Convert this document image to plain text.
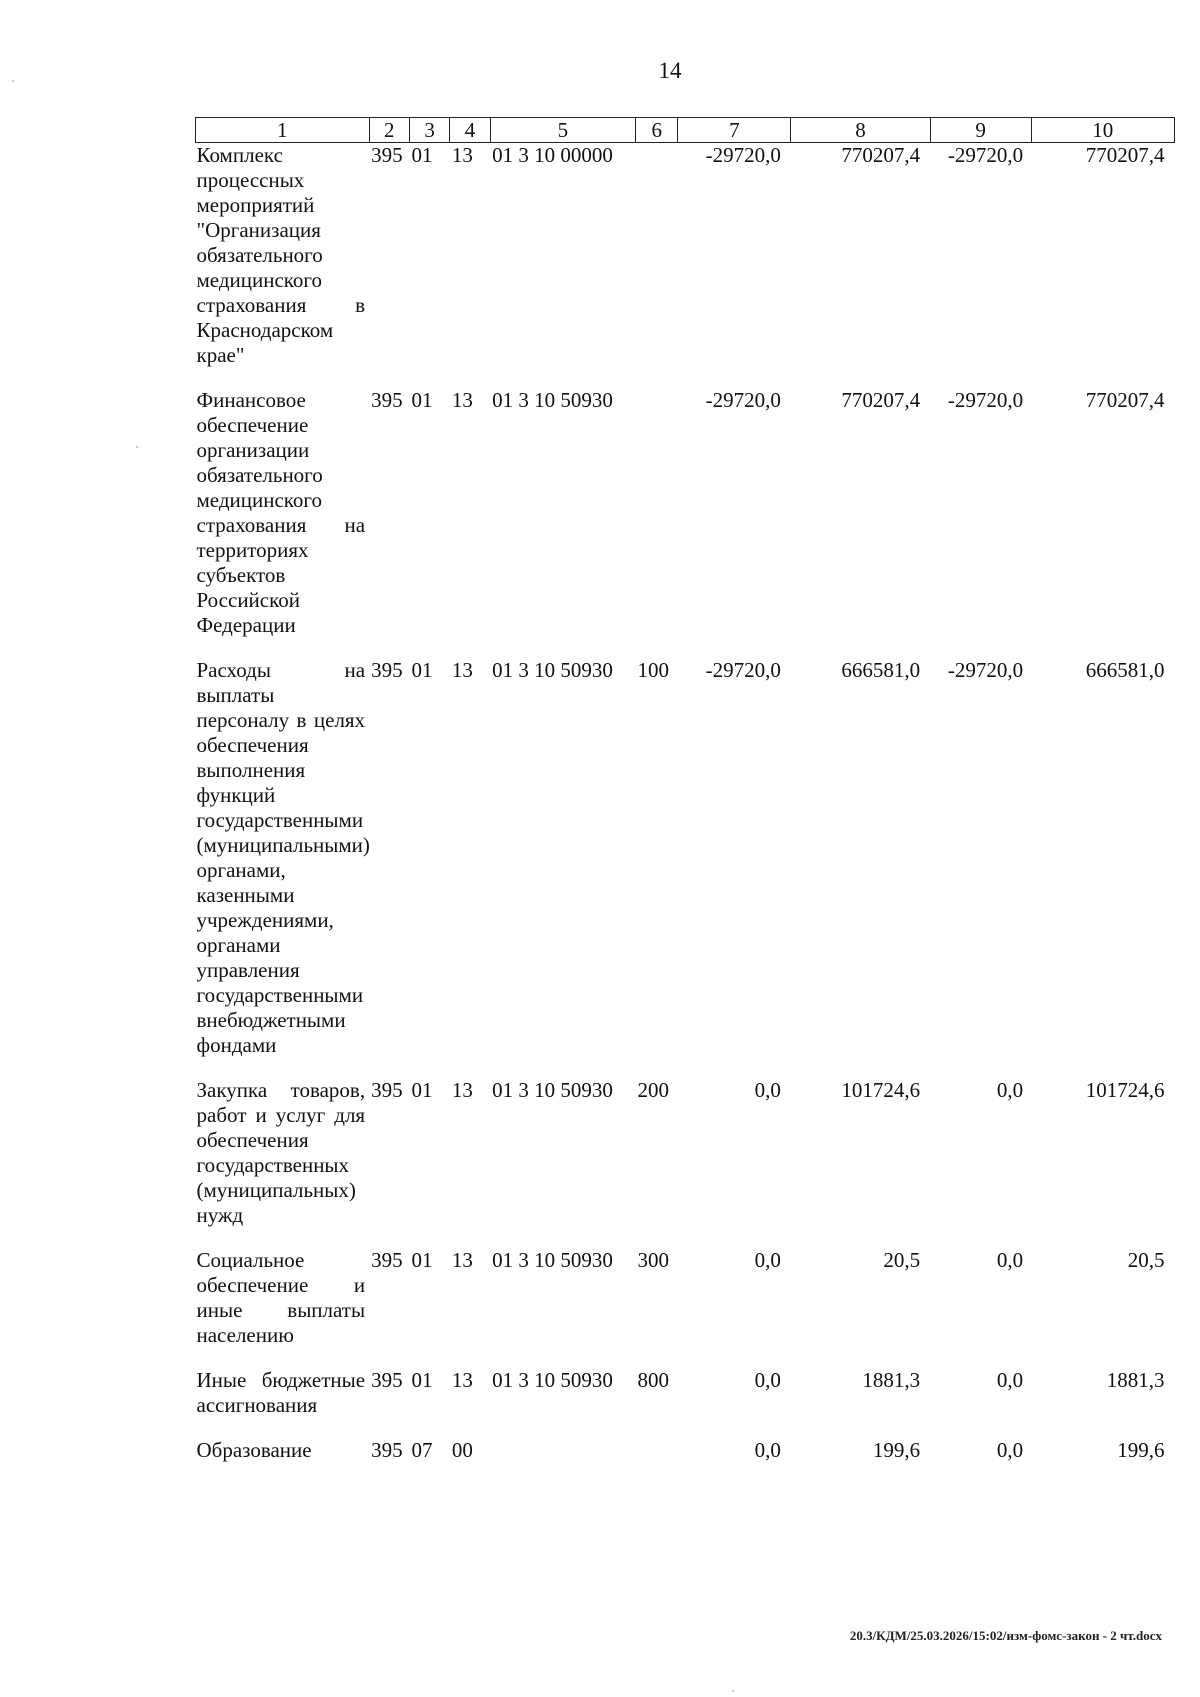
14
1	2	3	4	5	6	7	8	9	10
Комплекс процессных мероприятий "Организация обязательного медицинского страхования в Краснодарском крае"	395	01	13	01 3 10 00000		-29720,0	770207,4	-29720,0	770207,4

Финансовое обеспечение организации обязательного медицинского страхования на территориях субъектов Российской Федерации	395	01	13	01 3 10 50930		-29720,0	770207,4	-29720,0	770207,4

Расходы на выплаты персоналу в целях обеспечения выполнения функций государственными (муниципальными) органами, казенными учреждениями, органами управления государственными внебюджетными фондами	395	01	13	01 3 10 50930	100	-29720,0	666581,0	-29720,0	666581,0

Закупка товаров, работ и услуг для обеспечения государственных (муниципальных) нужд	395	01	13	01 3 10 50930	200	0,0	101724,6	0,0	101724,6

Социальное обеспечение и иные выплаты населению	395	01	13	01 3 10 50930	300	0,0	20,5	0,0	20,5

Иные бюджетные ассигнования	395	01	13	01 3 10 50930	800	0,0	1881,3	0,0	1881,3

Образование	395	07	00			0,0	199,6	0,0	199,6
20.3/КДМ/25.03.2026/15:02/изм-фомс-закон - 2 чт.docx
